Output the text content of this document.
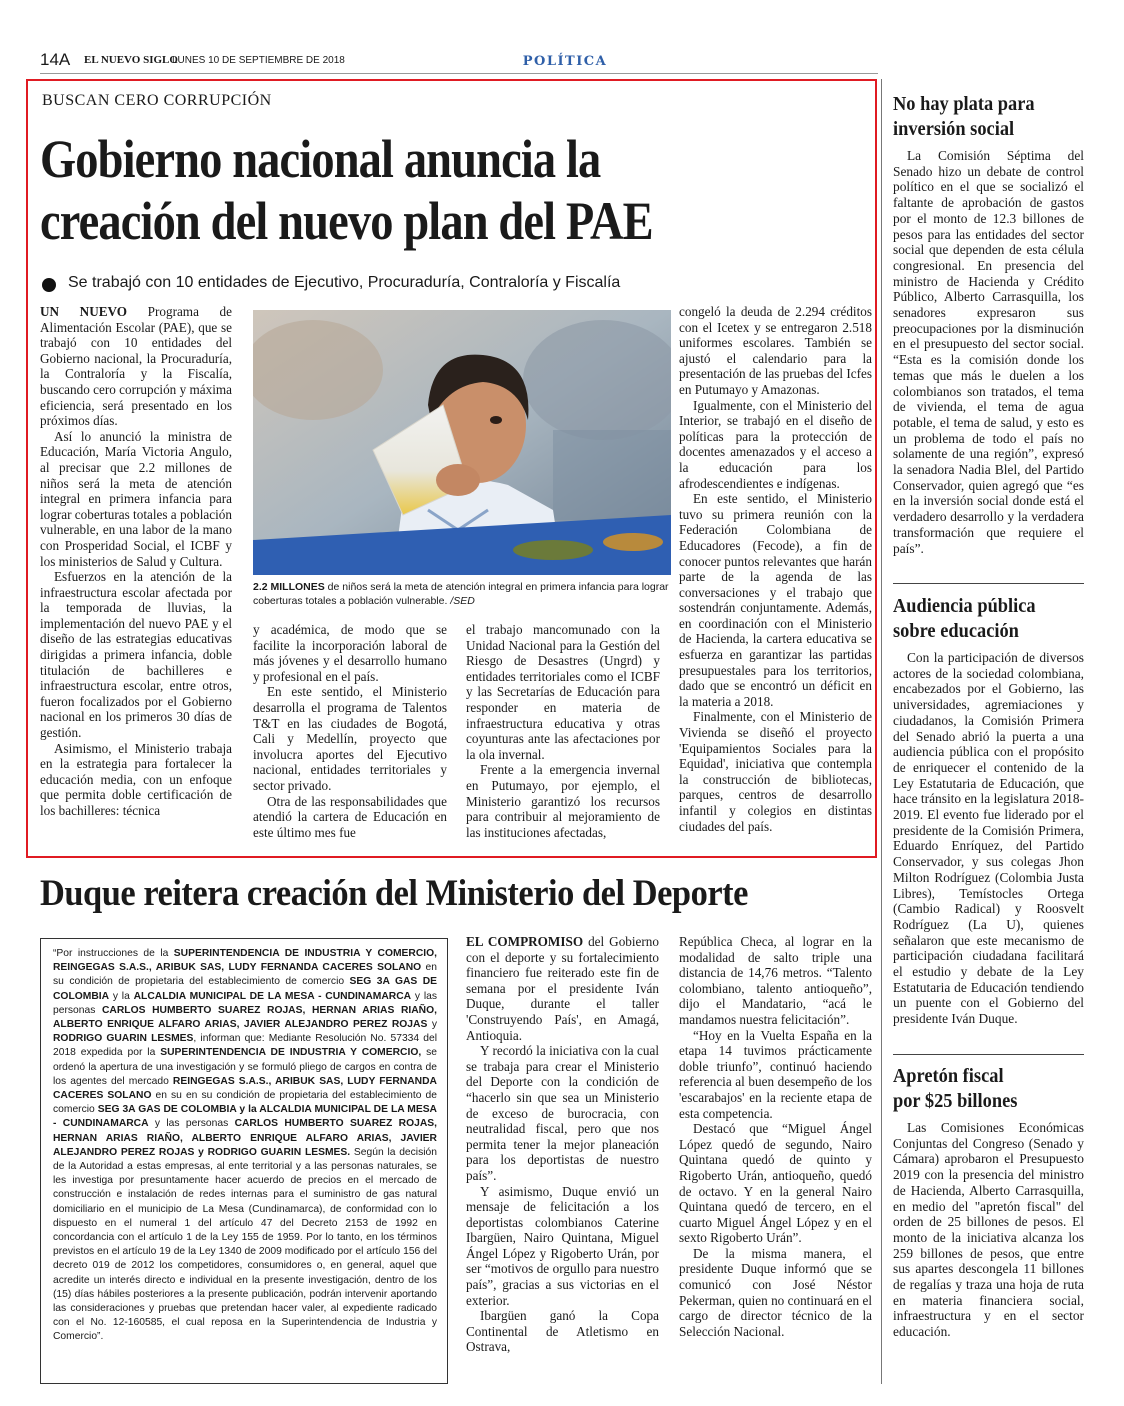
14A EL NUEVO SIGLO
LUNES 10 DE SEPTIEMBRE DE 2018	POLÍTICA
BUSCAN CERO CORRUPCIÓN
Gobierno nacional anuncia la
creación del nuevo plan del PAE
Se trabajó con 10 entidades de Ejecutivo, Procuraduría, Contraloría y Fiscalía

UN NUEVO Programa de Alimentación Escolar (PAE), que se trabajó con 10 entidades del Gobierno nacional, la Procuraduría, la Contraloría y la Fiscalía, buscando cero corrupción y máxima eficiencia, será presentado en los próximos días.

Así lo anunció la ministra de Educación, María Victoria Angulo, al precisar que 2.2 millones de niños será la meta de atención integral en primera infancia para lograr coberturas totales a población vulnerable, en una labor de la mano con Prosperidad Social, el ICBF y los ministerios de Salud y Cultura.

Esfuerzos en la atención de la infraestructura escolar afectada por la temporada de lluvias, la implementación del nuevo PAE y el diseño de las estrategias educativas dirigidas a primera infancia, doble titulación de bachilleres e infraestructura escolar, entre otros, fueron focalizados por el Gobierno nacional en los primeros 30 días de gestión.

Asimismo, el Ministerio trabaja en la estrategia para fortalecer la educación media, con un enfoque que permita doble certificación de los bachilleres: técnica

2.2 MILLONES de niños será la meta de atención integral en primera infancia para lograr coberturas totales a población vulnerable. /SED

y académica, de modo que se facilite la incorporación laboral de más jóvenes y el desarrollo humano y profesional en el país.

En este sentido, el Ministerio desarrolla el programa de Talentos T&T en las ciudades de Bogotá, Cali y Medellín, proyecto que involucra aportes del Ejecutivo nacional, entidades territoriales y sector privado.

Otra de las responsabilidades que atendió la cartera de Educación en este último mes fue

el trabajo mancomunado con la Unidad Nacional para la Gestión del Riesgo de Desastres (Ungrd) y entidades territoriales como el ICBF y las Secretarías de Educación para responder en materia de infraestructura educativa y otras coyunturas ante las afectaciones por la ola invernal.

Frente a la emergencia invernal en Putumayo, por ejemplo, el Ministerio garantizó los recursos para contribuir al mejoramiento de las instituciones afectadas,

congeló la deuda de 2.294 créditos con el Icetex y se entregaron 2.518 uniformes escolares. También se ajustó el calendario para la presentación de las pruebas del Icfes en Putumayo y Amazonas.

Igualmente, con el Ministerio del Interior, se trabajó en el diseño de políticas para la protección de docentes amenazados y el acceso a la educación para los afrodescendientes e indígenas.

En este sentido, el Ministerio tuvo su primera reunión con la Federación Colombiana de Educadores (Fecode), a fin de conocer puntos relevantes que harán parte de la agenda de las conversaciones y el trabajo que sostendrán conjuntamente. Además, en coordinación con el Ministerio de Hacienda, la cartera educativa se esfuerza en garantizar las partidas presupuestales para los territorios, dado que se encontró un déficit en la materia a 2018.

Finalmente, con el Ministerio de Vivienda se diseñó el proyecto 'Equipamientos Sociales para la Equidad', iniciativa que contempla la construcción de bibliotecas, parques, centros de desarrollo infantil y colegios en distintas ciudades del país.

No hay plata para
inversión social

La Comisión Séptima del Senado hizo un debate de control político en el que se socializó el faltante de aprobación de gastos por el monto de 12.3 billones de pesos para las entidades del sector social que dependen de esta célula congresional. En presencia del ministro de Hacienda y Crédito Público, Alberto Carrasquilla, los senadores expresaron sus preocupaciones por la disminución en el presupuesto del sector social. “Esta es la comisión donde los temas que más le duelen a los colombianos son tratados, el tema de vivienda, el tema de agua potable, el tema de salud, y esto es un problema de todo el país no solamente de una región”, expresó la senadora Nadia Blel, del Partido Conservador, quien agregó que “es en la inversión social donde está el verdadero desarrollo y la verdadera transformación que requiere el país”.

Audiencia pública
sobre educación

Con la participación de diversos actores de la sociedad colombiana, encabezados por el Gobierno, las universidades, agremiaciones y ciudadanos, la Comisión Primera del Senado abrió la puerta a una audiencia pública con el propósito de enriquecer el contenido de la Ley Estatutaria de Educación, que hace tránsito en la legislatura 2018-2019. El evento fue liderado por el presidente de la Comisión Primera, Eduardo Enríquez, del Partido Conservador, y sus colegas Jhon Milton Rodríguez (Colombia Justa Libres), Temístocles Ortega (Cambio Radical) y Roosvelt Rodríguez (La U), quienes señalaron que este mecanismo de participación ciudadana facilitará el estudio y debate de la Ley Estatutaria de Educación tendiendo un puente con el Gobierno del presidente Iván Duque.

Apretón fiscal
por $25 billones

Las Comisiones Económicas Conjuntas del Congreso (Senado y Cámara) aprobaron el Presupuesto 2019 con la presencia del ministro de Hacienda, Alberto Carrasquilla, en medio del "apretón fiscal" del orden de 25 billones de pesos. El monto de la iniciativa alcanza los 259 billones de pesos, que entre sus apartes descongela 11 billones de regalías y traza una hoja de ruta en materia financiera social, infraestructura y en el sector educación.

Duque reitera creación del Ministerio del Deporte
“Por instrucciones de la SUPERINTENDENCIA DE INDUSTRIA Y COMERCIO, REINGEGAS S.A.S., ARIBUK SAS, LUDY FERNANDA CACERES SOLANO en su condición de propietaria del establecimiento de comercio SEG 3A GAS DE COLOMBIA y la ALCALDIA MUNICIPAL DE LA MESA - CUNDINAMARCA y las personas CARLOS HUMBERTO SUAREZ ROJAS, HERNAN ARIAS RIAÑO, ALBERTO ENRIQUE ALFARO ARIAS, JAVIER ALEJANDRO PEREZ ROJAS y RODRIGO GUARIN LESMES, informan que: Mediante Resolución No. 57334 del 2018 expedida por la SUPERINTENDENCIA DE INDUSTRIA Y COMERCIO, se ordenó la apertura de una investigación y se formuló pliego de cargos en contra de los agentes del mercado REINGEGAS S.A.S., ARIBUK SAS, LUDY FERNANDA CACERES SOLANO en su en su condición de propietaria del establecimiento de comercio SEG 3A GAS DE COLOMBIA y la ALCALDIA MUNICIPAL DE LA MESA - CUNDINAMARCA y las personas CARLOS HUMBERTO SUAREZ ROJAS, HERNAN ARIAS RIAÑO, ALBERTO ENRIQUE ALFARO ARIAS, JAVIER ALEJANDRO PEREZ ROJAS y RODRIGO GUARIN LESMES. Según la decisión de la Autoridad a estas empresas, al ente territorial y a las personas naturales, se les investiga por presuntamente hacer acuerdo de precios en el mercado de construcción e instalación de redes internas para el suministro de gas natural domiciliario en el municipio de La Mesa (Cundinamarca), de conformidad con lo dispuesto en el numeral 1 del artículo 47 del Decreto 2153 de 1992 en concordancia con el artículo 1 de la Ley 155 de 1959. Por lo tanto, en los términos previstos en el artículo 19 de la Ley 1340 de 2009 modificado por el artículo 156 del decreto 019 de 2012 los competidores, consumidores o, en general, aquel que acredite un interés directo e individual en la presente investigación, dentro de los (15) días hábiles posteriores a la presente publicación, podrán intervenir aportando las consideraciones y pruebas que pretendan hacer valer, al expediente radicado con el No. 12-160585, el cual reposa en la Superintendencia de Industria y Comercio”.

EL COMPROMISO del Gobierno con el deporte y su fortalecimiento financiero fue reiterado este fin de semana por el presidente Iván Duque, durante el taller 'Construyendo País', en Amagá, Antioquia.

Y recordó la iniciativa con la cual se trabaja para crear el Ministerio del Deporte con la condición de “hacerlo sin que sea un Ministerio de exceso de burocracia, con neutralidad fiscal, pero que nos permita tener la mejor planeación para los deportistas de nuestro país”.

Y asimismo, Duque envió un mensaje de felicitación a los deportistas colombianos Caterine Ibargüen, Nairo Quintana, Miguel Ángel López y Rigoberto Urán, por ser “motivos de orgullo para nuestro país”, gracias a sus victorias en el exterior.

Ibargüen ganó la Copa Continental de Atletismo en Ostrava,

República Checa, al lograr en la modalidad de salto triple una distancia de 14,76 metros. “Talento colombiano, talento antioqueño”, dijo el Mandatario, “acá le mandamos nuestra felicitación”.

“Hoy en la Vuelta España en la etapa 14 tuvimos prácticamente doble triunfo”, continuó haciendo referencia al buen desempeño de los 'escarabajos' en la reciente etapa de esta competencia.

Destacó que “Miguel Ángel López quedó de segundo, Nairo Quintana quedó de quinto y Rigoberto Urán, antioqueño, quedó de octavo. Y en la general Nairo Quintana quedó de tercero, en el cuarto Miguel Ángel López y en el sexto Rigoberto Urán”.

De la misma manera, el presidente Duque informó que se comunicó con José Néstor Pekerman, quien no continuará en el cargo de director técnico de la Selección Nacional.
